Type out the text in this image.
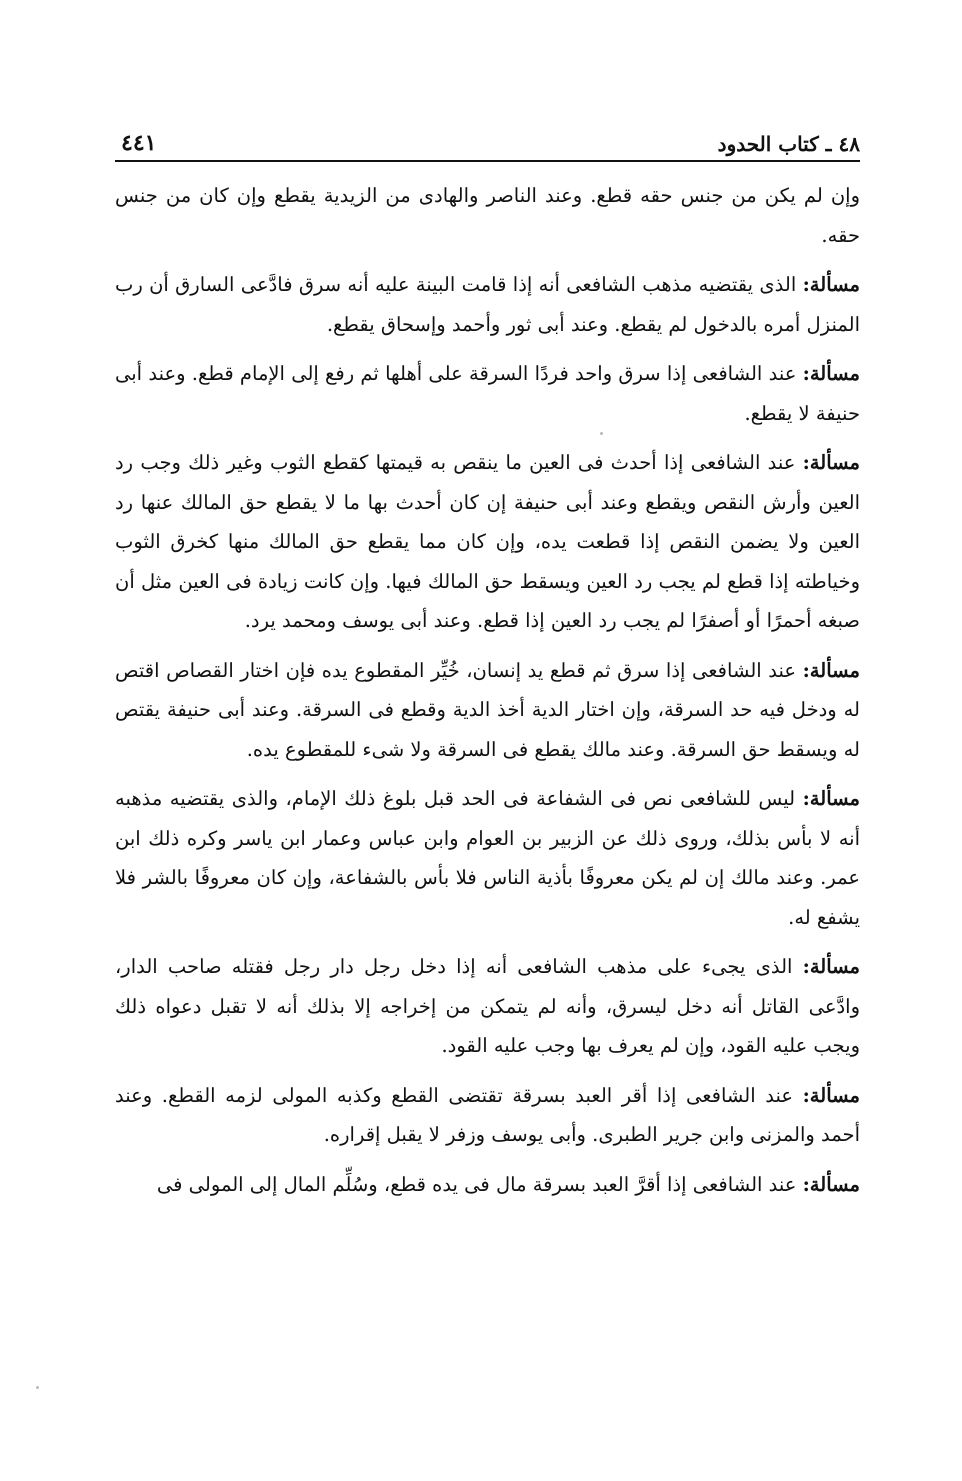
٤٨ ـ كتاب الحدود
٤٤١

وإن لم يكن من جنس حقه قطع. وعند الناصر والهادى من الزيدية يقطع وإن كان من جنس حقه.

مسألة: الذى يقتضيه مذهب الشافعى أنه إذا قامت البينة عليه أنه سرق فادَّعى السارق أن رب المنزل أمره بالدخول لم يقطع. وعند أبى ثور وأحمد وإسحاق يقطع.

مسألة: عند الشافعى إذا سرق واحد فردًا السرقة على أهلها ثم رفع إلى الإمام قطع. وعند أبى حنيفة لا يقطع.

مسألة: عند الشافعى إذا أحدث فى العين ما ينقص به قيمتها كقطع الثوب وغير ذلك وجب رد العين وأرش النقص ويقطع وعند أبى حنيفة إن كان أحدث بها ما لا يقطع حق المالك عنها رد العين ولا يضمن النقص إذا قطعت يده، وإن كان مما يقطع حق المالك منها كخرق الثوب وخياطته إذا قطع لم يجب رد العين ويسقط حق المالك فيها. وإن كانت زيادة فى العين مثل أن صبغه أحمرًا أو أصفرًا لم يجب رد العين إذا قطع. وعند أبى يوسف ومحمد يرد.

مسألة: عند الشافعى إذا سرق ثم قطع يد إنسان، خُيِّر المقطوع يده فإن اختار القصاص اقتص له ودخل فيه حد السرقة، وإن اختار الدية أخذ الدية وقطع فى السرقة. وعند أبى حنيفة يقتص له ويسقط حق السرقة. وعند مالك يقطع فى السرقة ولا شىء للمقطوع يده.

مسألة: ليس للشافعى نص فى الشفاعة فى الحد قبل بلوغ ذلك الإمام، والذى يقتضيه مذهبه أنه لا بأس بذلك، وروى ذلك عن الزبير بن العوام وابن عباس وعمار ابن ياسر وكره ذلك ابن عمر. وعند مالك إن لم يكن معروفًا بأذية الناس فلا بأس بالشفاعة، وإن كان معروفًا بالشر فلا يشفع له.

مسألة: الذى يجىء على مذهب الشافعى أنه إذا دخل رجل دار رجل فقتله صاحب الدار، وادَّعى القاتل أنه دخل ليسرق، وأنه لم يتمكن من إخراجه إلا بذلك أنه لا تقبل دعواه ذلك ويجب عليه القود، وإن لم يعرف بها وجب عليه القود.

مسألة: عند الشافعى إذا أقر العبد بسرقة تقتضى القطع وكذبه المولى لزمه القطع. وعند أحمد والمزنى وابن جرير الطبرى. وأبى يوسف وزفر لا يقبل إقراره.

مسألة: عند الشافعى إذا أقرَّ العبد بسرقة مال فى يده قطع، وسُلِّم المال إلى المولى فى
